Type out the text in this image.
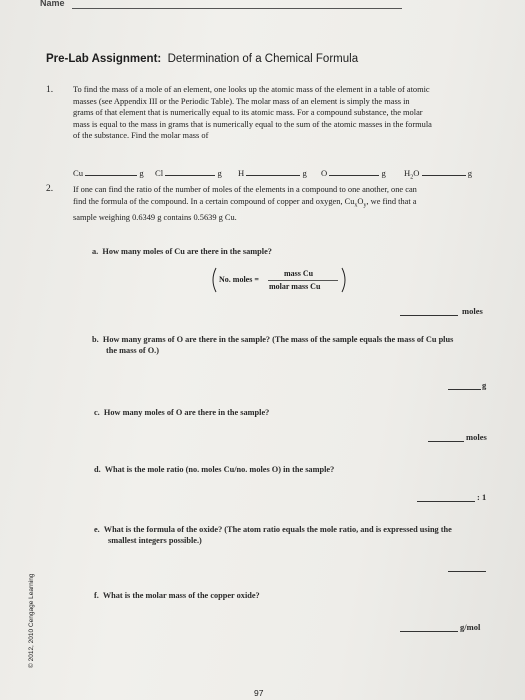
Name
Pre-Lab Assignment: Determination of a Chemical Formula
1. To find the mass of a mole of an element, one looks up the atomic mass of the element in a table of atomic
masses (see Appendix III or the Periodic Table). The molar mass of an element is simply the mass in
grams of that element that is numerically equal to its atomic mass. For a compound substance, the molar
mass is equal to the mass in grams that is numerically equal to the sum of the atomic masses in the formula
of the substance. Find the molar mass of
Cu	g Cl	g H	g O	g $H_2O$	g
2. If one can find the ratio of the number of moles of the elements in a compound to one another, one can
find the formula of the compound. In a certain compound of copper and oxygen, $Cu_xO_y$, we find that a
sample weighing 0.6349 g contains 0.5639 g Cu.
a. How many moles of Cu are there in the sample?
No. moles =
mass Cu
molar mass Cu
moles
b. How many grams of O are there in the sample? (The mass of the sample equals the mass of Cu plus
the mass of O.)
g
c. How many moles of O are there in the sample?
moles
d. What is the mole ratio (no. moles Cu/no. moles O) in the sample?
: 1
e. What is the formula of the oxide? (The atom ratio equals the mole ratio, and is expressed using the
smallest integers possible.)
f. What is the molar mass of the copper oxide?
g/mol
© 2012, 2010 Cengage Learning
97
